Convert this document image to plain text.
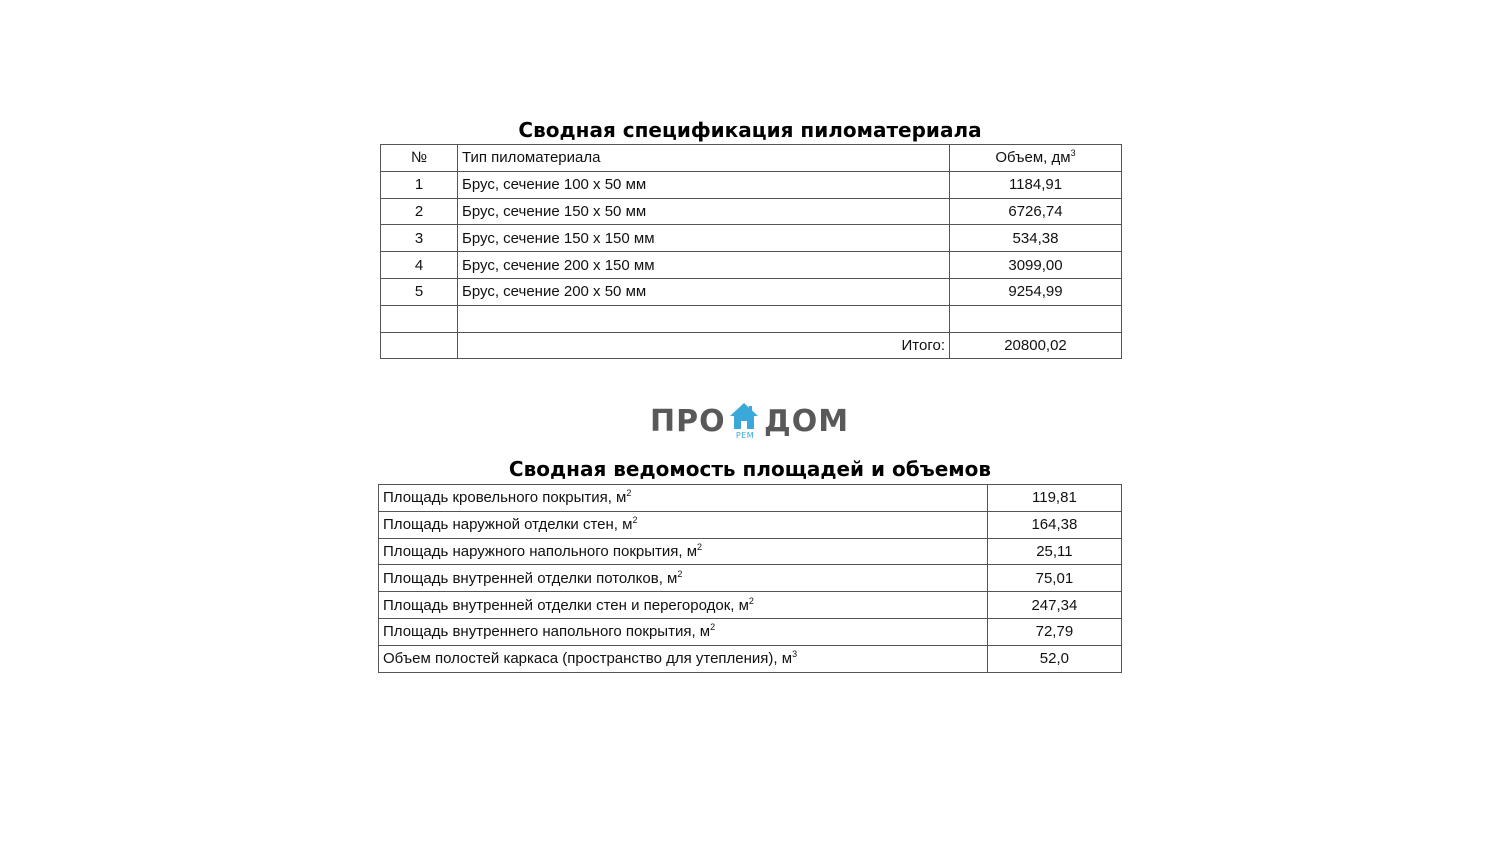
Сводная спецификация пиломатериала
№	Тип пиломатериала	Объем, $дм^3$
1	Брус, сечение 100 х 50 мм	1184,91
2	Брус, сечение 150 х 50 мм	6726,74
3	Брус, сечение 150 х 150 мм	534,38
4	Брус, сечение 200 х 150 мм	3099,00
5	Брус, сечение 200 х 50 мм	9254,99

	Итого:	20800,02
ПРО	РЕМ ДОМ
Сводная ведомость площадей и объемов
Площадь кровельного покрытия, $м^2$	119,81
Площадь наружной отделки стен, $м^2$	164,38
Площадь наружного напольного покрытия, $м^2$	25,11
Площадь внутренней отделки потолков, $м^2$	75,01
Площадь внутренней отделки стен и перегородок, $м^2$	247,34
Площадь внутреннего напольного покрытия, $м^2$	72,79
Объем полостей каркаса (пространство для утепления), $м^3$	52,0
